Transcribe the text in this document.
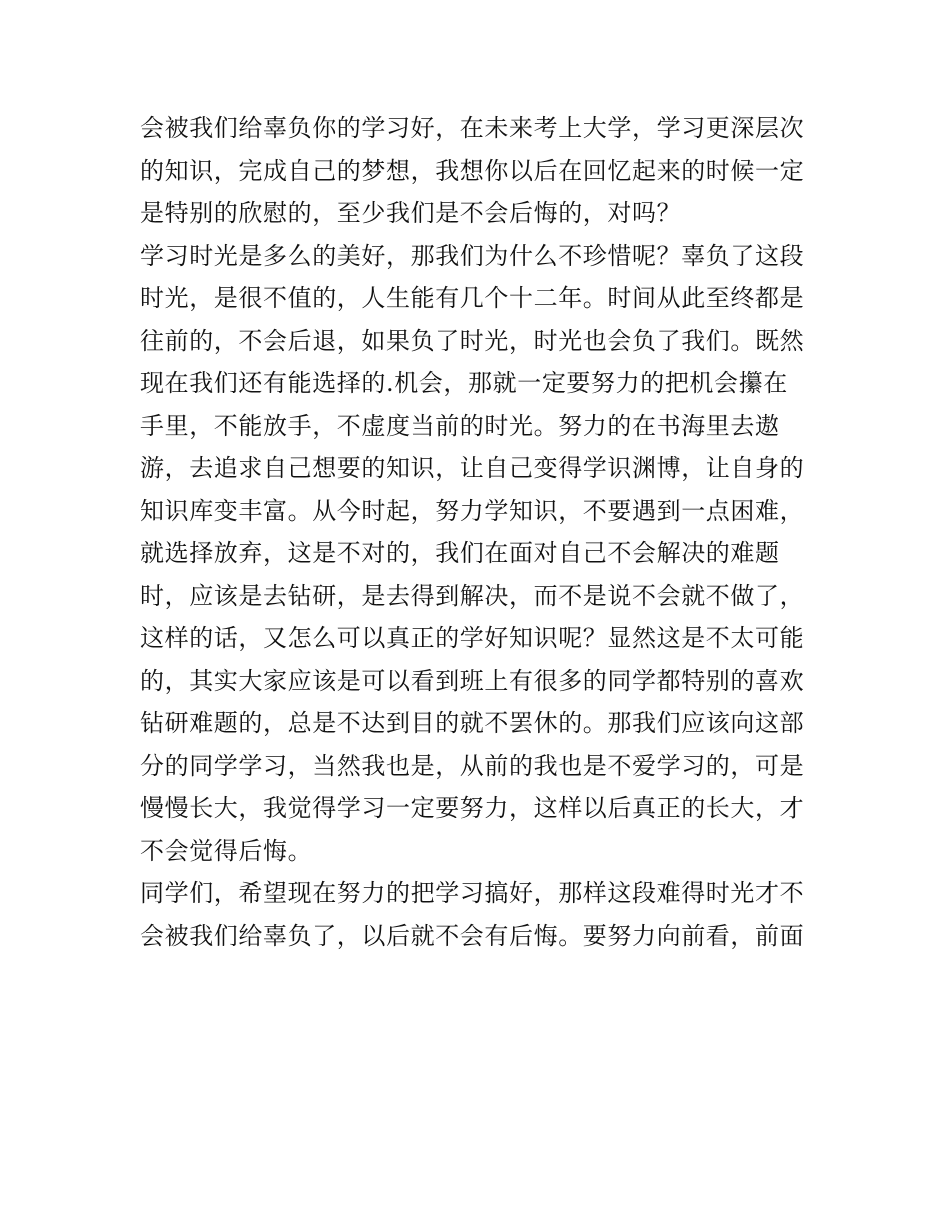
会被我们给辜负你的学习好，在未来考上大学，学习更深层次
的知识，完成自己的梦想，我想你以后在回忆起来的时候一定
是特别的欣慰的，至少我们是不会后悔的，对吗？
学习时光是多么的美好，那我们为什么不珍惜呢？辜负了这段
时光，是很不值的，人生能有几个十二年。时间从此至终都是
往前的，不会后退，如果负了时光，时光也会负了我们。既然
现在我们还有能选择的.机会，那就一定要努力的把机会攥在
手里，不能放手，不虚度当前的时光。努力的在书海里去遨
游，去追求自己想要的知识，让自己变得学识渊博，让自身的
知识库变丰富。从今时起，努力学知识，不要遇到一点困难，
就选择放弃，这是不对的，我们在面对自己不会解决的难题
时，应该是去钻研，是去得到解决，而不是说不会就不做了，
这样的话，又怎么可以真正的学好知识呢？显然这是不太可能
的，其实大家应该是可以看到班上有很多的同学都特别的喜欢
钻研难题的，总是不达到目的就不罢休的。那我们应该向这部
分的同学学习，当然我也是，从前的我也是不爱学习的，可是
慢慢长大，我觉得学习一定要努力，这样以后真正的长大，才
不会觉得后悔。
同学们，希望现在努力的把学习搞好，那样这段难得时光才不
会被我们给辜负了，以后就不会有后悔。要努力向前看，前面
